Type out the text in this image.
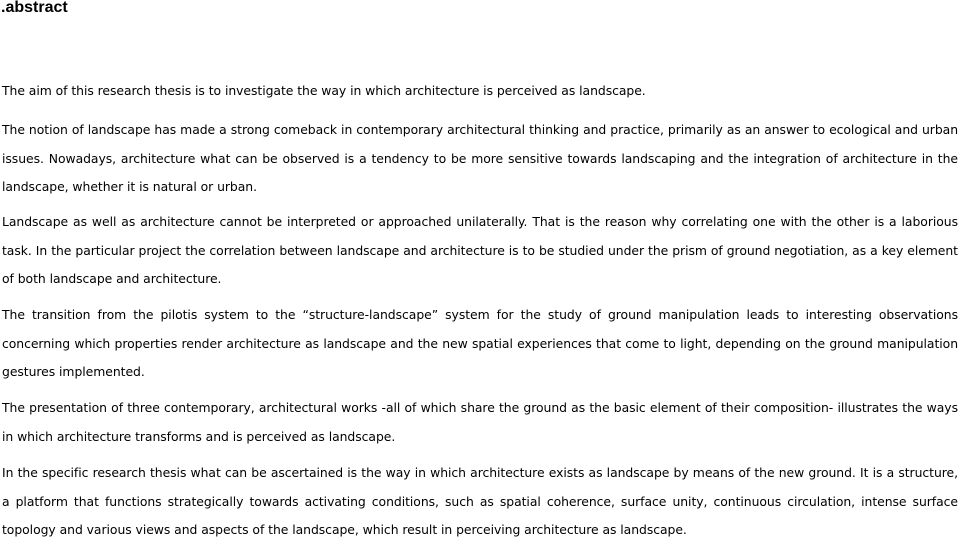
.abstract

The aim of this research thesis is to investigate the way in which architecture is perceived as landscape.

The notion of landscape has made a strong comeback in contemporary architectural thinking and practice, primarily as an answer to ecological and urban issues. Nowadays, architecture what can be observed is a tendency to be more sensitive towards landscaping and the integration of architecture in the landscape, whether it is natural or urban.

Landscape as well as architecture cannot be interpreted or approached unilaterally. That is the reason why correlating one with the other is a laborious task. In the particular project the correlation between landscape and architecture is to be studied under the prism of ground negotiation, as a key element of both landscape and architecture.

The transition from the pilotis system to the “structure-landscape” system for the study of ground manipulation leads to interesting observations concerning which properties render architecture as landscape and the new spatial experiences that come to light, depending on the ground manipulation gestures implemented.

The presentation of three contemporary, architectural works -all of which share the ground as the basic element of their composition- illustrates the ways in which architecture transforms and is perceived as landscape.

In the specific research thesis what can be ascertained is the way in which architecture exists as landscape by means of the new ground. It is a structure, a platform that functions strategically towards activating conditions, such as spatial coherence, surface unity, continuous circulation, intense surface topology and various views and aspects of the landscape, which result in perceiving architecture as landscape.
